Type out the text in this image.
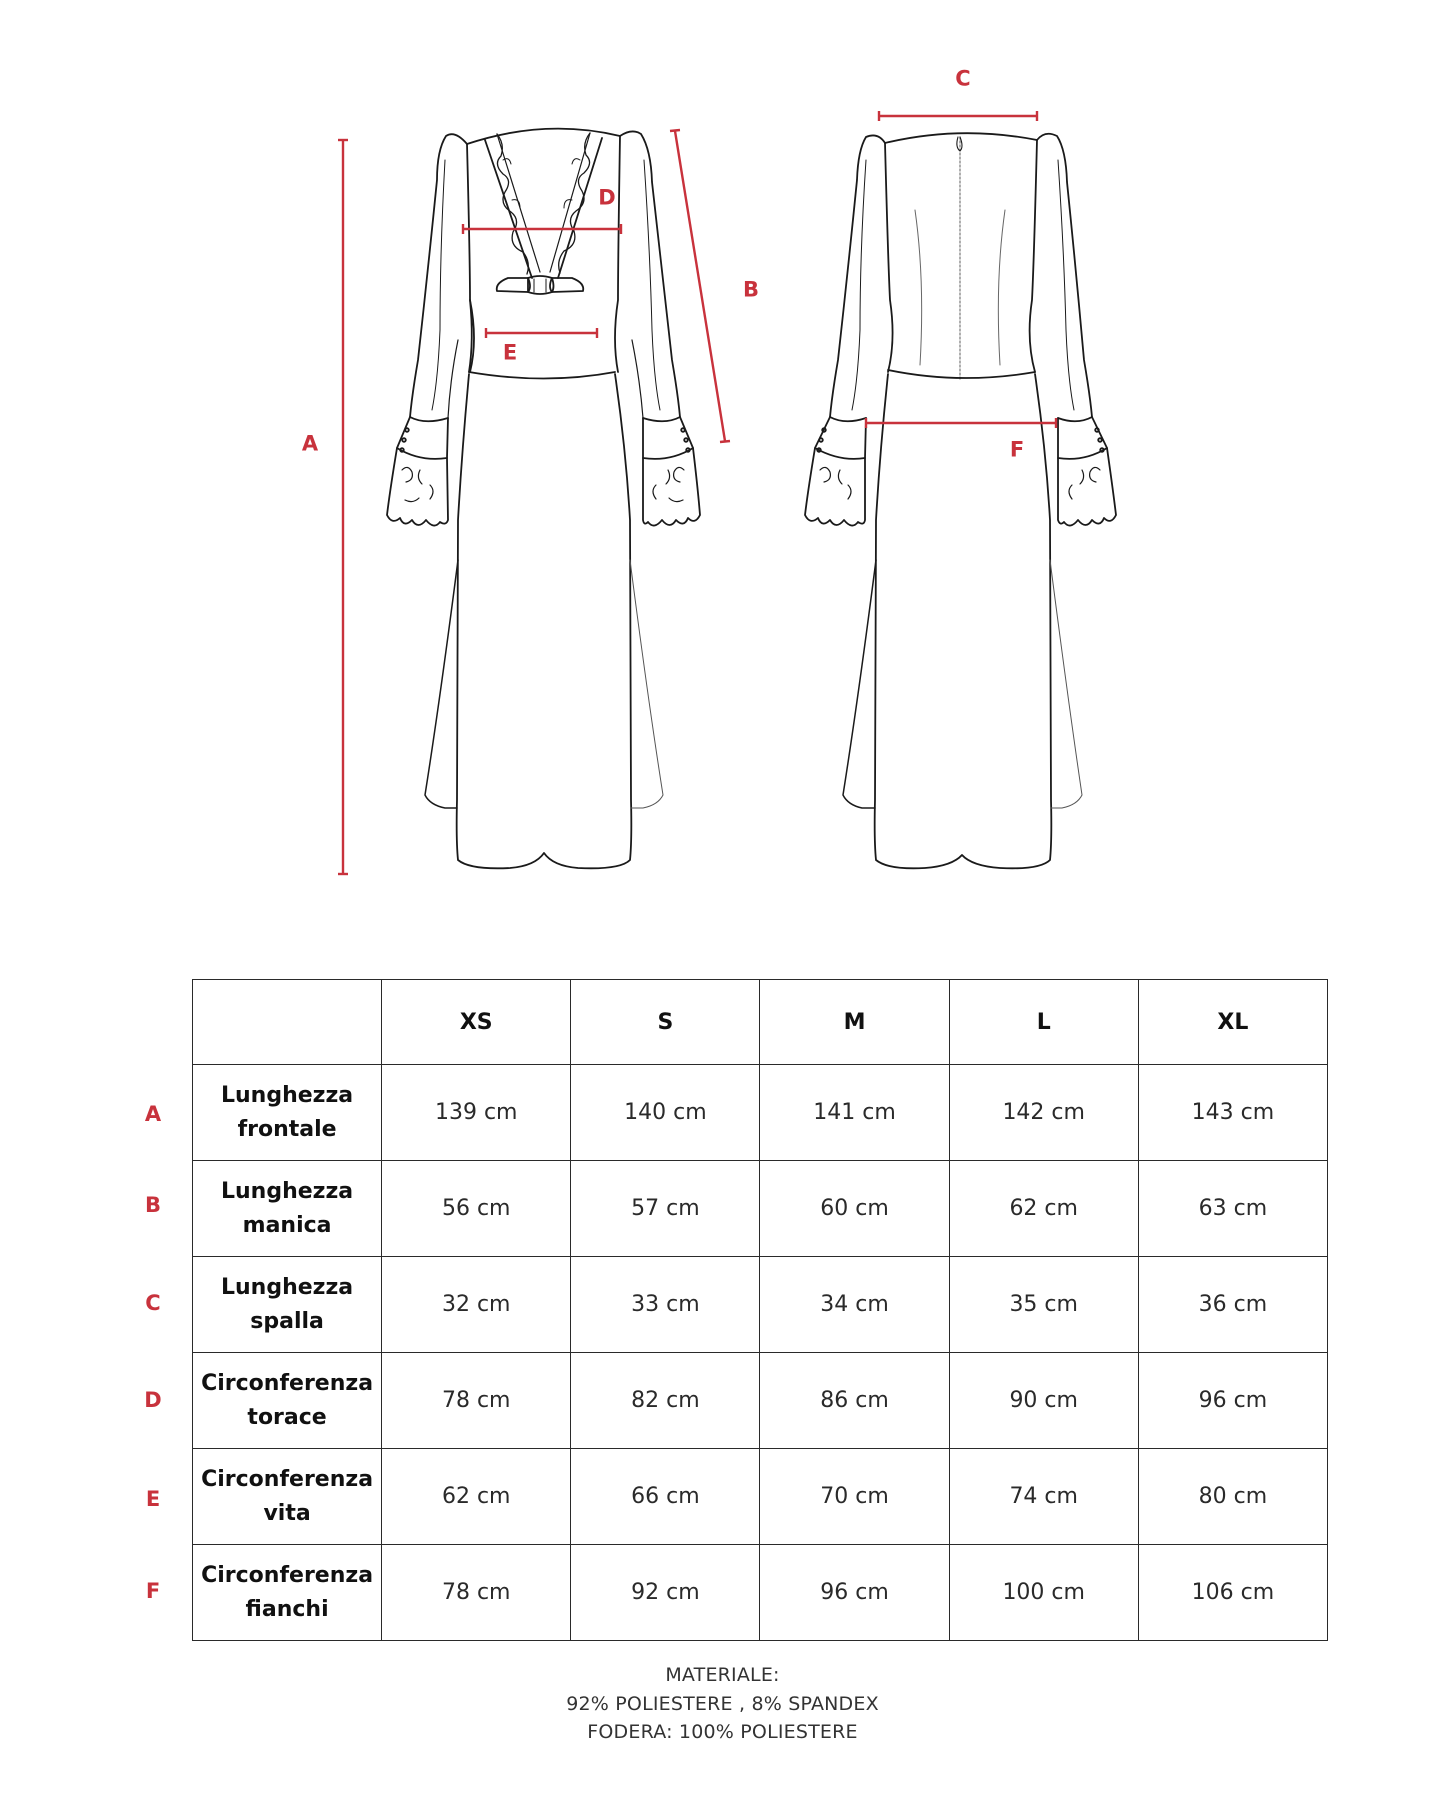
A
B
C
D
E
F
A
B
C
D
E
F
	XS	S	M	L	XL

Lunghezza
frontale	139 cm	140 cm	141 cm	142 cm	143 cm

Lunghezza
manica	56 cm	57 cm	60 cm	62 cm	63 cm

Lunghezza
spalla	32 cm	33 cm	34 cm	35 cm	36 cm

Circonferenza
torace	78 cm	82 cm	86 cm	90 cm	96 cm

Circonferenza
vita	62 cm	66 cm	70 cm	74 cm	80 cm

Circonferenza
fianchi	78 cm	92 cm	96 cm	100 cm	106 cm
MATERIALE:
92% POLIESTERE , 8% SPANDEX
FODERA: 100% POLIESTERE
